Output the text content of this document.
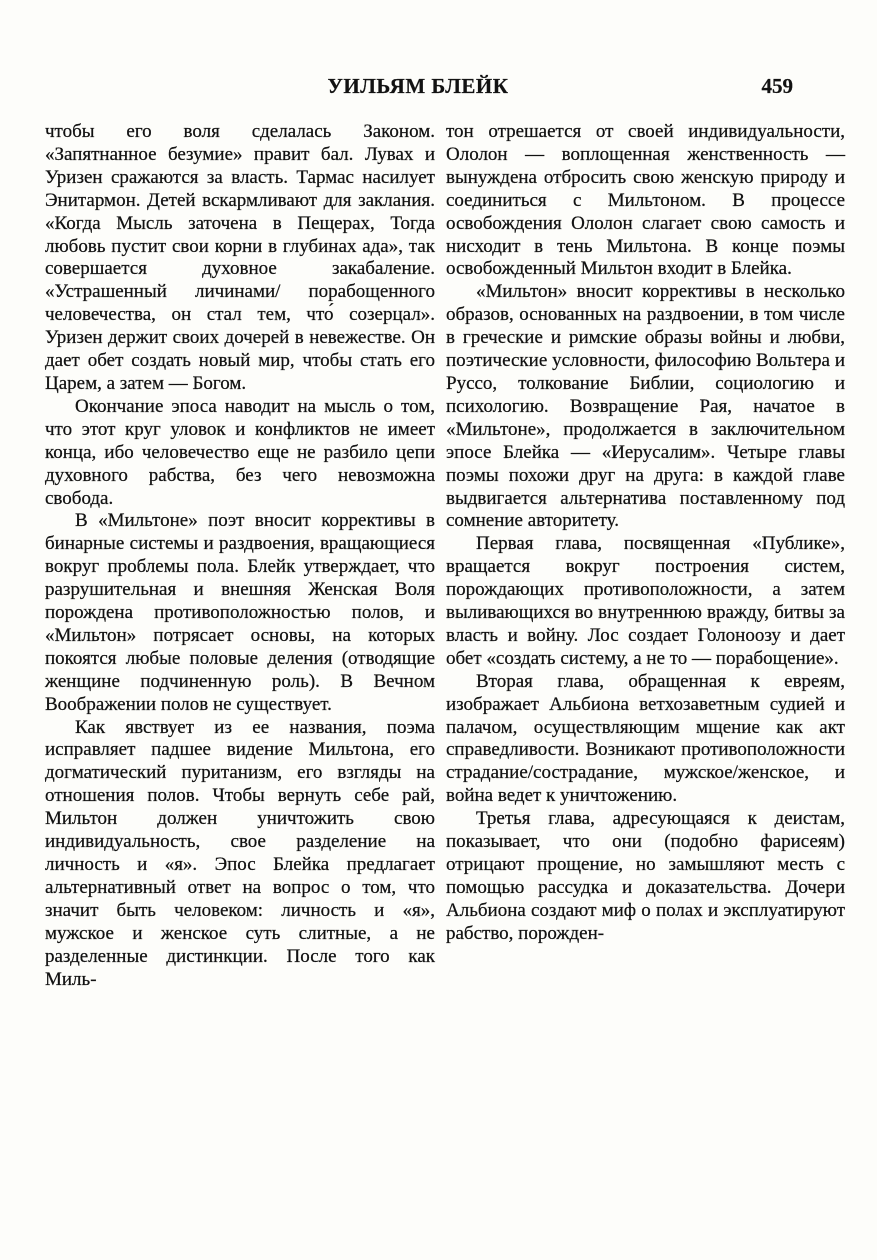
УИЛЬЯМ БЛЕЙК	459

чтобы его воля сделалась Законом. «Запятнанное безумие» правит бал. Лувах и Уризен сражаются за власть. Тармас насилует Энитармон. Детей вскармливают для заклания. «Когда Мысль заточена в Пещерах, Тогда любовь пустит свои корни в глубинах ада», так совершается духовное закабаление. «Устрашенный личинами/ порабощенного человечества, он стал тем, что́ созерцал». Уризен держит своих дочерей в невежестве. Он дает обет создать новый мир, чтобы стать его Царем, а затем — Богом.

Окончание эпоса наводит на мысль о том, что этот круг уловок и конфликтов не имеет конца, ибо человечество еще не разбило цепи духовного рабства, без чего невозможна свобода.

В «Мильтоне» поэт вносит коррективы в бинарные системы и раздвоения, вращающиеся вокруг проблемы пола. Блейк утверждает, что разрушительная и внешняя Женская Воля порождена противоположностью полов, и «Мильтон» потрясает основы, на которых покоятся любые половые деления (отводящие женщине подчиненную роль). В Вечном Воображении полов не существует.

Как явствует из ее названия, поэма исправляет падшее видение Мильтона, его догматический пуританизм, его взгляды на отношения полов. Чтобы вернуть себе рай, Мильтон должен уничтожить свою индивидуальность, свое разделение на личность и «я». Эпос Блейка предлагает альтернативный ответ на вопрос о том, что значит быть человеком: личность и «я», мужское и женское суть слитные, а не разделенные дистинкции. После того как Миль-

тон отрешается от своей индивидуальности, Ололон — воплощенная женственность — вынуждена отбросить свою женскую природу и соединиться с Мильтоном. В процессе освобождения Ололон слагает свою самость и нисходит в тень Мильтона. В конце поэмы освобожденный Мильтон входит в Блейка.

«Мильтон» вносит коррективы в несколько образов, основанных на раздвоении, в том числе в греческие и римские образы войны и любви, поэтические условности, философию Вольтера и Руссо, толкование Библии, социологию и психологию. Возвращение Рая, начатое в «Мильтоне», продолжается в заключительном эпосе Блейка — «Иерусалим». Четыре главы поэмы похожи друг на друга: в каждой главе выдвигается альтернатива поставленному под сомнение авторитету.

Первая глава, посвященная «Публике», вращается вокруг построения систем, порождающих противоположности, а затем выливающихся во внутреннюю вражду, битвы за власть и войну. Лос создает Голоноозу и дает обет «создать систему, а не то — порабощение».

Вторая глава, обращенная к евреям, изображает Альбиона ветхозаветным судией и палачом, осуществляющим мщение как акт справедливости. Возникают противоположности страдание/сострадание, мужское/женское, и война ведет к уничтожению.

Третья глава, адресующаяся к деистам, показывает, что они (подобно фарисеям) отрицают прощение, но замышляют месть с помощью рассудка и доказательства. Дочери Альбиона создают миф о полах и эксплуатируют рабство, порожден-
